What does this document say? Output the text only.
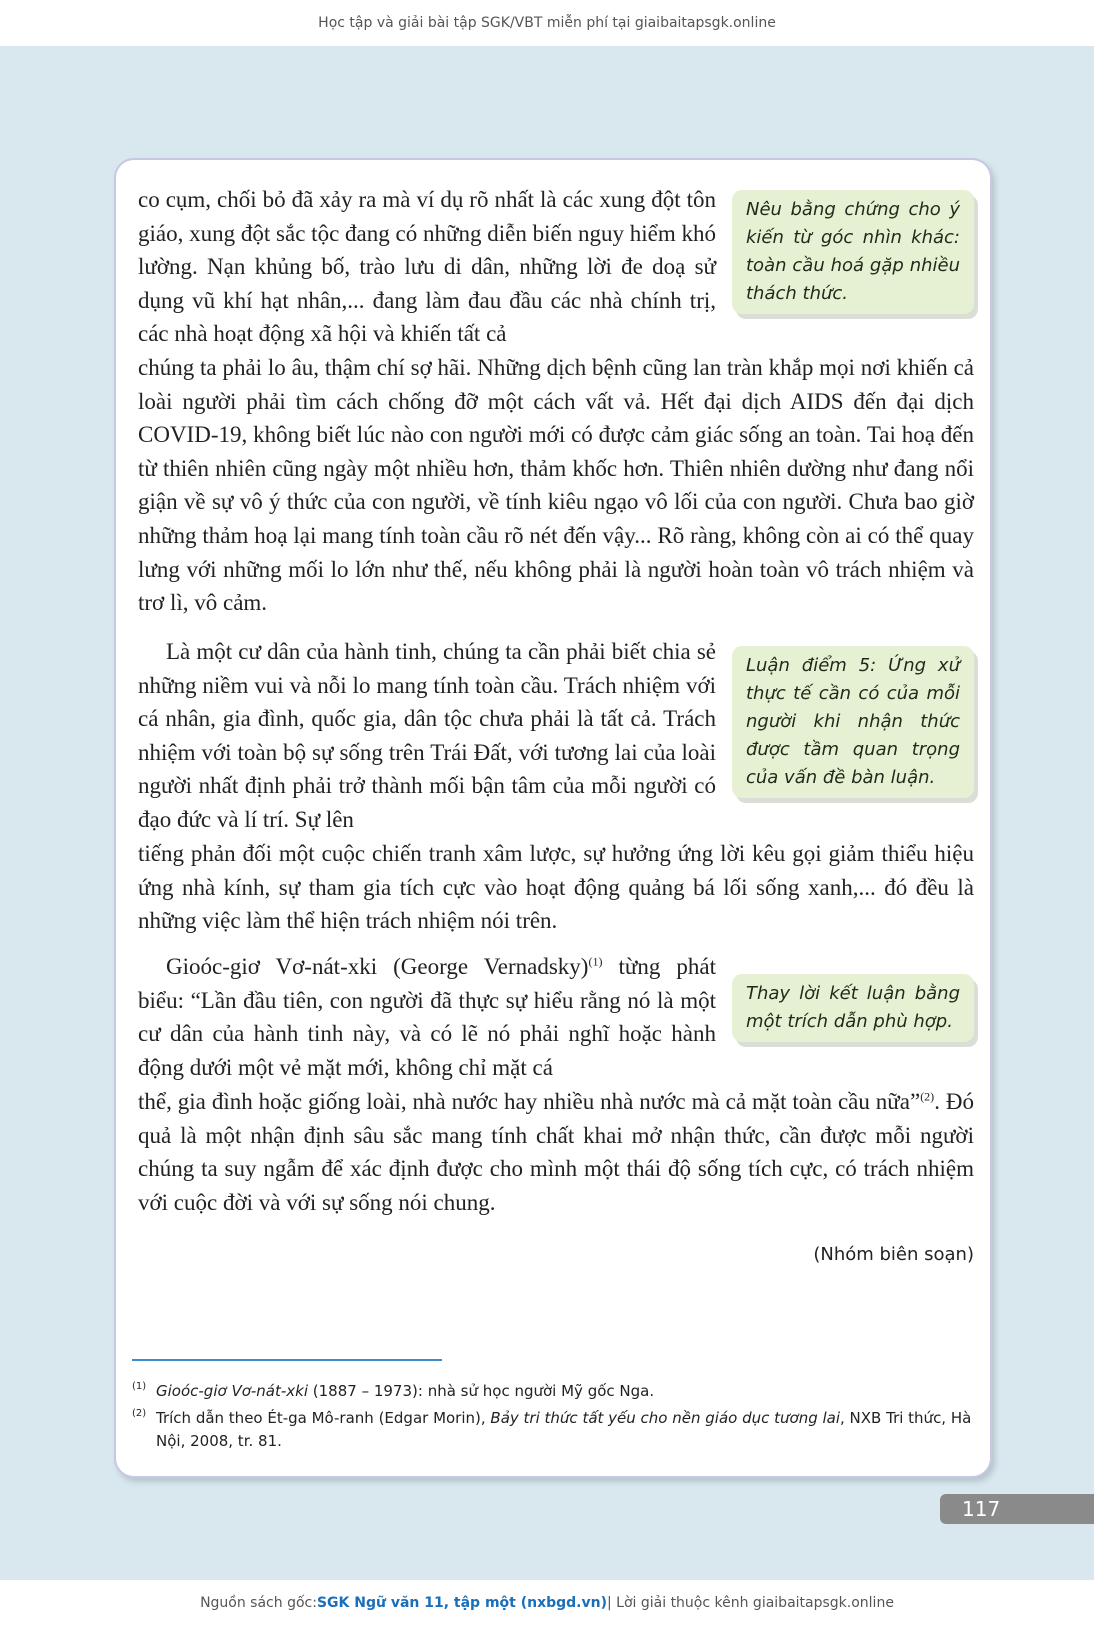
Học tập và giải bài tập SGK/VBT miễn phí tại giaibaitapsgk.online

co cụm, chối bỏ đã xảy ra mà ví dụ rõ nhất là các xung đột tôn giáo, xung đột sắc tộc đang có những diễn biến nguy hiểm khó lường. Nạn khủng bố, trào lưu di dân, những lời đe doạ sử dụng vũ khí hạt nhân,... đang làm đau đầu các nhà chính trị, các nhà hoạt động xã hội và khiến tất cả

chúng ta phải lo âu, thậm chí sợ hãi. Những dịch bệnh cũng lan tràn khắp mọi nơi khiến cả loài người phải tìm cách chống đỡ một cách vất vả. Hết đại dịch AIDS đến đại dịch COVID-19, không biết lúc nào con người mới có được cảm giác sống an toàn. Tai hoạ đến từ thiên nhiên cũng ngày một nhiều hơn, thảm khốc hơn. Thiên nhiên dường như đang nổi giận về sự vô ý thức của con người, về tính kiêu ngạo vô lối của con người. Chưa bao giờ những thảm hoạ lại mang tính toàn cầu rõ nét đến vậy... Rõ ràng, không còn ai có thể quay lưng với những mối lo lớn như thế, nếu không phải là người hoàn toàn vô trách nhiệm và trơ lì, vô cảm.

Nêu bằng chứng cho ý kiến từ góc nhìn khác: toàn cầu hoá gặp nhiều thách thức.

Là một cư dân của hành tinh, chúng ta cần phải biết chia sẻ những niềm vui và nỗi lo mang tính toàn cầu. Trách nhiệm với cá nhân, gia đình, quốc gia, dân tộc chưa phải là tất cả. Trách nhiệm với toàn bộ sự sống trên Trái Đất, với tương lai của loài người nhất định phải trở thành mối bận tâm của mỗi người có đạo đức và lí trí. Sự lên

tiếng phản đối một cuộc chiến tranh xâm lược, sự hưởng ứng lời kêu gọi giảm thiểu hiệu ứng nhà kính, sự tham gia tích cực vào hoạt động quảng bá lối sống xanh,... đó đều là những việc làm thể hiện trách nhiệm nói trên.

Luận điểm 5: Ứng xử thực tế cần có của mỗi người khi nhận thức được tầm quan trọng của vấn đề bàn luận.

Gioóc-giơ Vơ-nát-xki (George Vernadsky)$^{(1)}$ từng phát biểu: “Lần đầu tiên, con người đã thực sự hiểu rằng nó là một cư dân của hành tinh này, và có lẽ nó phải nghĩ hoặc hành động dưới một vẻ mặt mới, không chỉ mặt cá

thể, gia đình hoặc giống loài, nhà nước hay nhiều nhà nước mà cả mặt toàn cầu nữa”$^{(2)}$. Đó quả là một nhận định sâu sắc mang tính chất khai mở nhận thức, cần được mỗi người chúng ta suy ngẫm để xác định được cho mình một thái độ sống tích cực, có trách nhiệm với cuộc đời và với sự sống nói chung.

Thay lời kết luận bằng một trích dẫn phù hợp.
(Nhóm biên soạn)
(1) Gioóc-giơ Vơ-nát-xki (1887 – 1973): nhà sử học người Mỹ gốc Nga.
(2) Trích dẫn theo Ét-ga Mô-ranh (Edgar Morin), Bảy tri thức tất yếu cho nền giáo dục tương lai, NXB Tri thức, Hà Nội, 2008, tr. 81.
117
Nguồn sách gốc: SGK Ngữ văn 11, tập một (nxbgd.vn) | Lời giải thuộc kênh giaibaitapsgk.online
